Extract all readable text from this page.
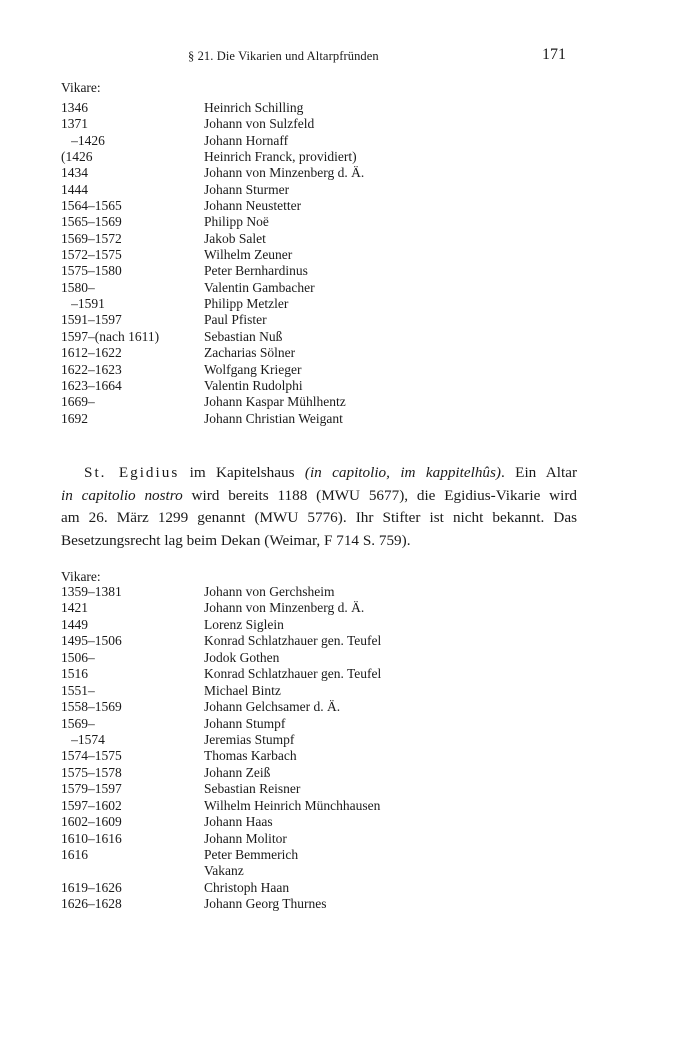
§ 21. Die Vikarien und Altarpfründen	171
Vikare:
1346	Heinrich Schilling
1371	Johann von Sulzfeld
–1426	Johann Hornaff
(1426	Heinrich Franck, providiert)
1434	Johann von Minzenberg d. Ä.
1444	Johann Sturmer
1564–1565	Johann Neustetter
1565–1569	Philipp Noë
1569–1572	Jakob Salet
1572–1575	Wilhelm Zeuner
1575–1580	Peter Bernhardinus
1580–	Valentin Gambacher
–1591	Philipp Metzler
1591–1597	Paul Pfister
1597–(nach 1611)	Sebastian Nuß
1612–1622	Zacharias Sölner
1622–1623	Wolfgang Krieger
1623–1664	Valentin Rudolphi
1669–	Johann Kaspar Mühlhentz
1692	Johann Christian Weigant
St. Egidius im Kapitelshaus (in capitolio, im kappitelhûs). Ein Altar
in capitolio nostro wird bereits 1188 (MWU 5677), die Egidius-Vikarie wird
am 26. März 1299 genannt (MWU 5776). Ihr Stifter ist nicht bekannt. Das
Besetzungsrecht lag beim Dekan (Weimar, F 714 S. 759).
Vikare:
1359–1381	Johann von Gerchsheim
1421	Johann von Minzenberg d. Ä.
1449	Lorenz Siglein
1495–1506	Konrad Schlatzhauer gen. Teufel
1506–	Jodok Gothen
1516	Konrad Schlatzhauer gen. Teufel
1551–	Michael Bintz
1558–1569	Johann Gelchsamer d. Ä.
1569–	Johann Stumpf
–1574	Jeremias Stumpf
1574–1575	Thomas Karbach
1575–1578	Johann Zeiß
1579–1597	Sebastian Reisner
1597–1602	Wilhelm Heinrich Münchhausen
1602–1609	Johann Haas
1610–1616	Johann Molitor
1616	Peter Bemmerich
Vakanz
1619–1626	Christoph Haan
1626–1628	Johann Georg Thurnes
